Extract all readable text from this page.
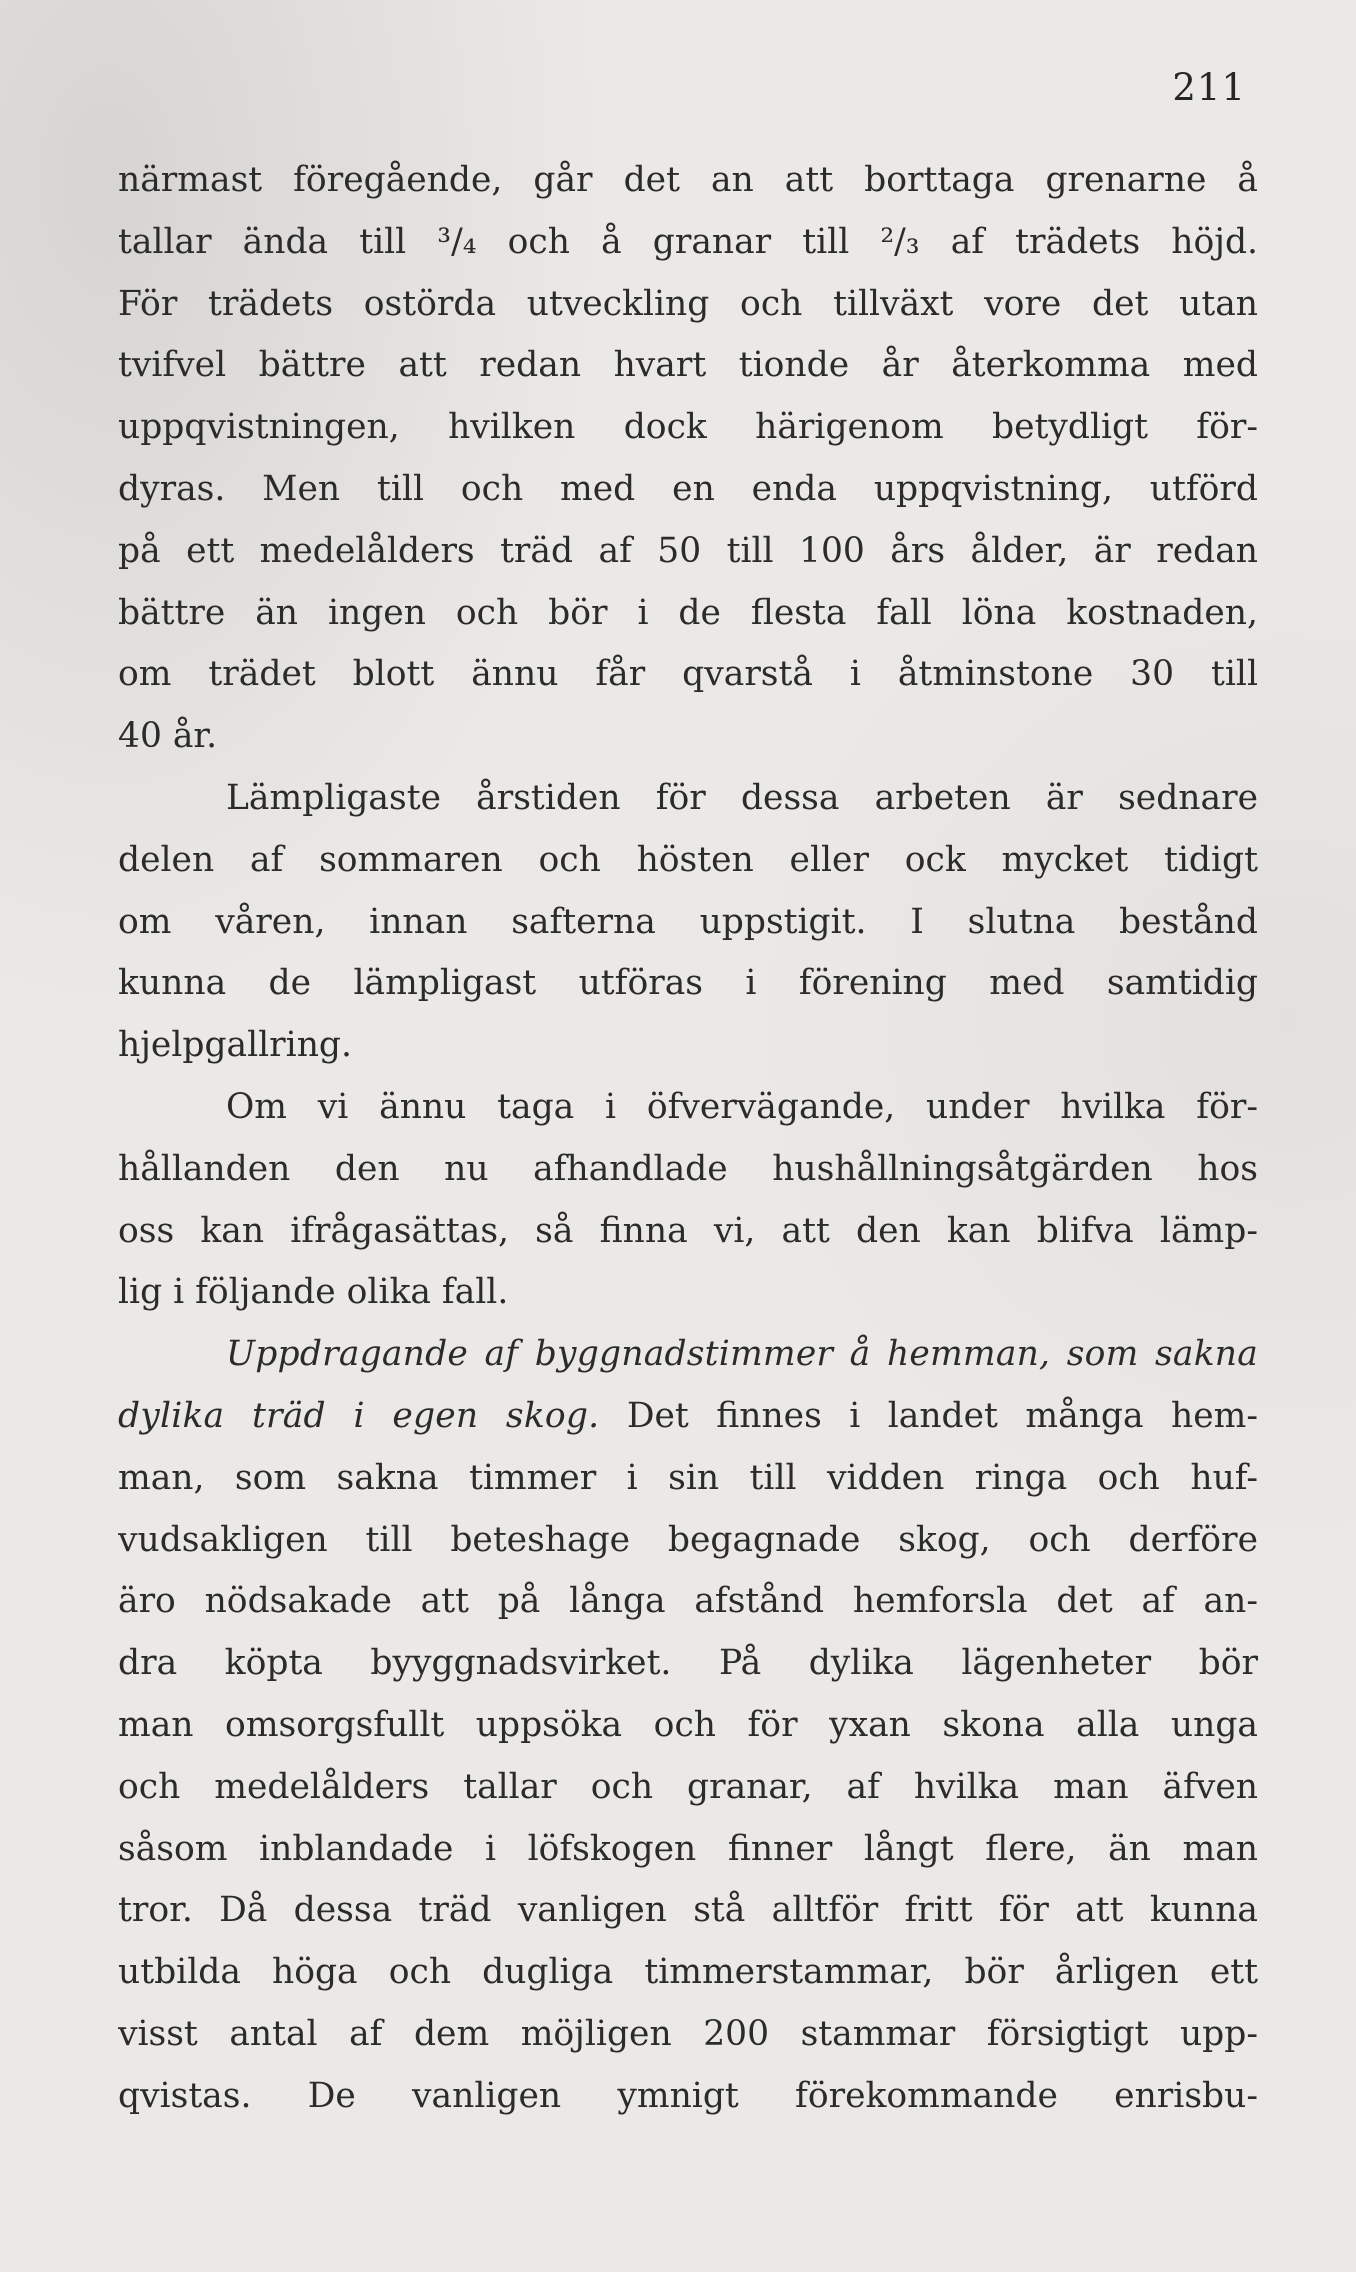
211
närmast föregående, går det an att borttaga grenarne å
tallar ända till ³/₄ och å granar till ²/₃ af trädets höjd.
För trädets ostörda utveckling och tillväxt vore det utan
tvifvel bättre att redan hvart tionde år återkomma med
uppqvistningen, hvilken dock härigenom betydligt för-
dyras. Men till och med en enda uppqvistning, utförd
på ett medelålders träd af 50 till 100 års ålder, är redan
bättre än ingen och bör i de flesta fall löna kostnaden,
om trädet blott ännu får qvarstå i åtminstone 30 till
40 år.
Lämpligaste årstiden för dessa arbeten är sednare
delen af sommaren och hösten eller ock mycket tidigt
om våren, innan safterna uppstigit. I slutna bestånd
kunna de lämpligast utföras i förening med samtidig
hjelpgallring.
Om vi ännu taga i öfvervägande, under hvilka för-
hållanden den nu afhandlade hushållningsåtgärden hos
oss kan ifrågasättas, så finna vi, att den kan blifva lämp-
lig i följande olika fall.
Uppdragande af byggnadstimmer å hemman, som sakna
dylika träd i egen skog. Det finnes i landet många hem-
man, som sakna timmer i sin till vidden ringa och huf-
vudsakligen till beteshage begagnade skog, och derföre
äro nödsakade att på långa afstånd hemforsla det af an-
dra köpta byyggnadsvirket. På dylika lägenheter bör
man omsorgsfullt uppsöka och för yxan skona alla unga
och medelålders tallar och granar, af hvilka man äfven
såsom inblandade i löfskogen finner långt flere, än man
tror. Då dessa träd vanligen stå alltför fritt för att kunna
utbilda höga och dugliga timmerstammar, bör årligen ett
visst antal af dem möjligen 200 stammar försigtigt upp-
qvistas. De vanligen ymnigt förekommande enrisbu-
